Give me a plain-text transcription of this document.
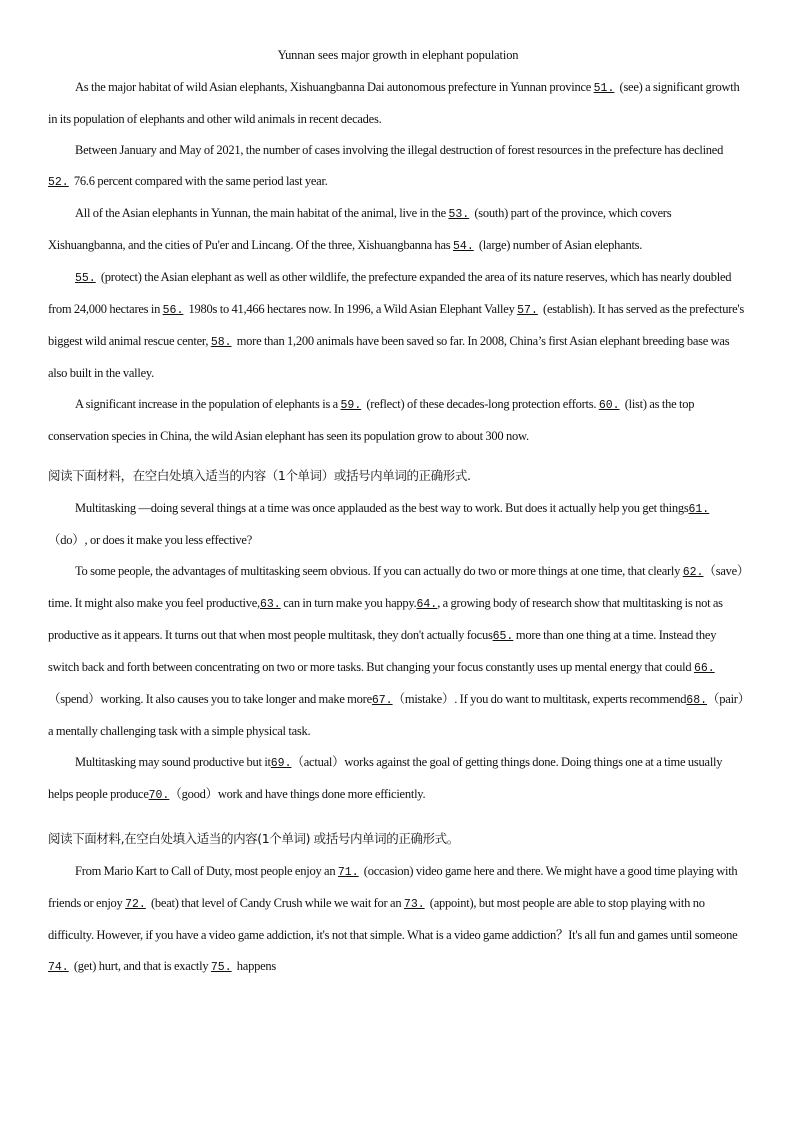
Yunnan sees major growth in elephant population

As the major habitat of wild Asian elephants, Xishuangbanna Dai autonomous prefecture in Yunnan province 51. (see) a significant growth in its population of elephants and other wild animals in recent decades.

Between January and May of 2021, the number of cases involving the illegal destruction of forest resources in the prefecture has declined 52. 76.6 percent compared with the same period last year.

All of the Asian elephants in Yunnan, the main habitat of the animal, live in the 53. (south) part of the province, which covers Xishuangbanna, and the cities of Pu'er and Lincang. Of the three, Xishuangbanna has 54. (large) number of Asian elephants.

55. (protect) the Asian elephant as well as other wildlife, the prefecture expanded the area of its nature reserves, which has nearly doubled from 24,000 hectares in 56. 1980s to 41,466 hectares now. In 1996, a Wild Asian Elephant Valley 57. (establish). It has served as the prefecture's biggest wild animal rescue center, 58. more than 1,200 animals have been saved so far. In 2008, China’s first Asian elephant breeding base was also built in the valley.

A significant increase in the population of elephants is a 59. (reflect) of these decades-long protection efforts. 60. (list) as the top conservation species in China, the wild Asian elephant has seen its population grow to about 300 now.

阅读下面材料，在空白处填入适当的内容（1个单词）或括号内单词的正确形式.

Multitasking —doing several things at a time was once applauded as the best way to work. But does it actually help you get things61.（do）, or does it make you less effective?

To some people, the advantages of multitasking seem obvious. If you can actually do two or more things at one time, that clearly 62.（save）time. It might also make you feel productive,63. can in turn make you happy.64., a growing body of research show that multitasking is not as productive as it appears. It turns out that when most people multitask, they don't actually focus65. more than one thing at a time. Instead they switch back and forth between concentrating on two or more tasks. But changing your focus constantly uses up mental energy that could 66.（spend）working. It also causes you to take longer and make more67.（mistake）. If you do want to multitask, experts recommend68.（pair）a mentally challenging task with a simple physical task.

Multitasking may sound productive but it69.（actual）works against the goal of getting things done. Doing things one at a time usually helps people produce70.（good）work and have things done more efficiently.

阅读下面材料,在空白处填入适当的内容(1个单词) 或括号内单词的正确形式。

From Mario Kart to Call of Duty, most people enjoy an 71. (occasion) video game here and there. We might have a good time playing with friends or enjoy 72. (beat) that level of Candy Crush while we wait for an 73. (appoint), but most people are able to stop playing with no difficulty. However, if you have a video game addiction, it's not that simple. What is a video game addiction？It's all fun and games until someone 74. (get) hurt, and that is exactly 75. happens
